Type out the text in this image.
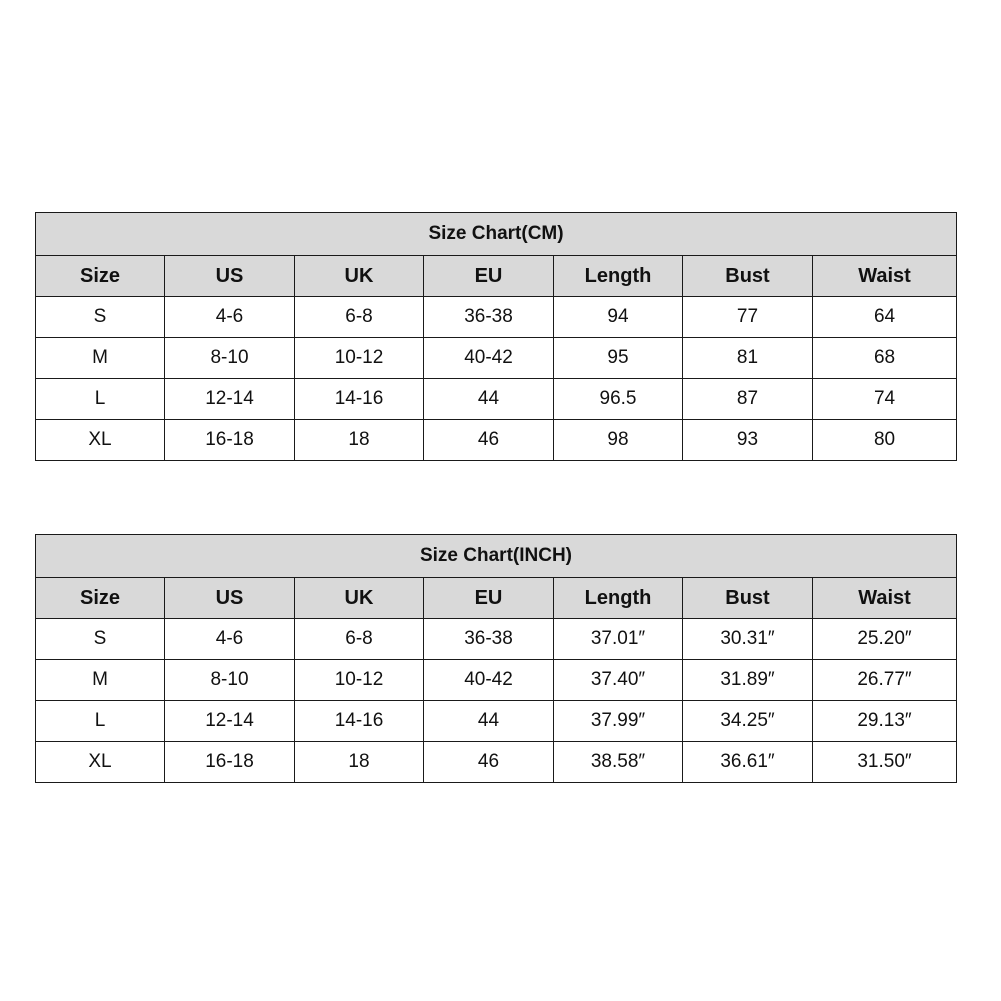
Size Chart(CM)						
Size	US	UK	EU	Length	Bust	Waist
S	4-6	6-8	36-38	94	77	64
M	8-10	10-12	40-42	95	81	68
L	12-14	14-16	44	96.5	87	74
XL	16-18	18	46	98	93	80
Size Chart(INCH)						
Size	US	UK	EU	Length	Bust	Waist
S	4-6	6-8	36-38	37.01″	30.31″	25.20″
M	8-10	10-12	40-42	37.40″	31.89″	26.77″
L	12-14	14-16	44	37.99″	34.25″	29.13″
XL	16-18	18	46	38.58″	36.61″	31.50″
